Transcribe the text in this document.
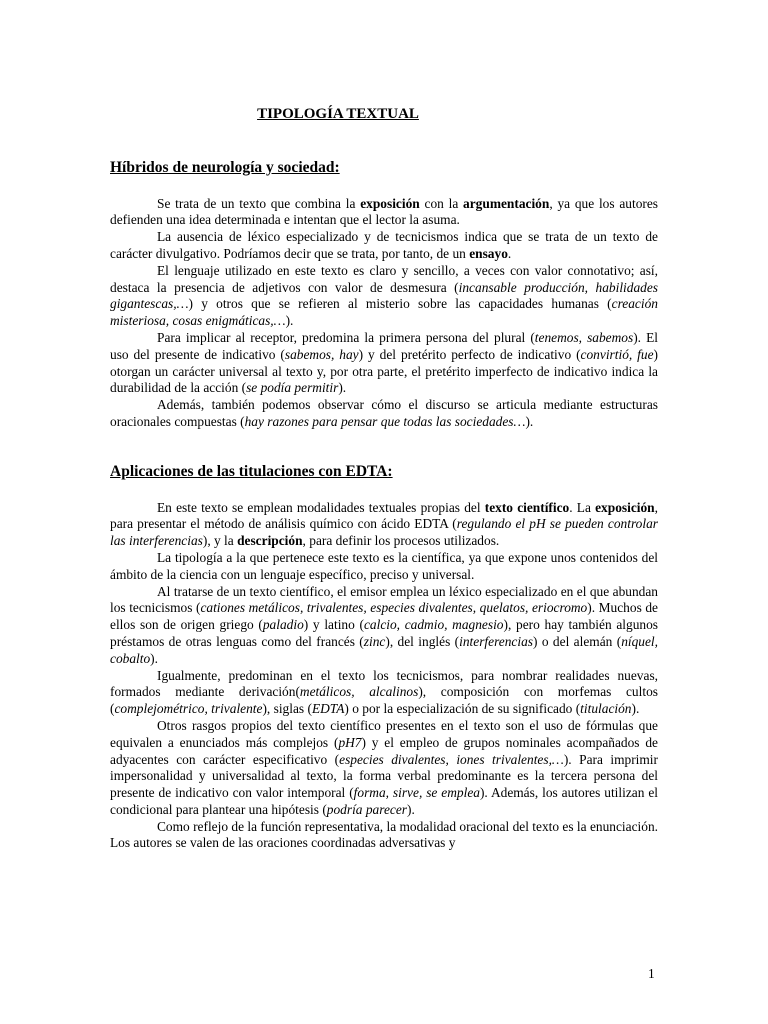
TIPOLOGÍA TEXTUAL
Híbridos de neurología y sociedad:

Se trata de un texto que combina la exposición con la argumentación, ya que los autores defienden una idea determinada e intentan que el lector la asuma.

La ausencia de léxico especializado y de tecnicismos indica que se trata de un texto de carácter divulgativo. Podríamos decir que se trata, por tanto, de un ensayo.

El lenguaje utilizado en este texto es claro y sencillo, a veces con valor connotativo; así, destaca la presencia de adjetivos con valor de desmesura (incansable producción, habilidades gigantescas,…) y otros que se refieren al misterio sobre las capacidades humanas (creación misteriosa, cosas enigmáticas,…).

Para implicar al receptor, predomina la primera persona del plural (tenemos, sabemos). El uso del presente de indicativo (sabemos, hay) y del pretérito perfecto de indicativo (convirtió, fue) otorgan un carácter universal al texto y, por otra parte, el pretérito imperfecto de indicativo indica la durabilidad de la acción (se podía permitir).

Además, también podemos observar cómo el discurso se articula mediante estructuras oracionales compuestas (hay razones para pensar que todas las sociedades…).

Aplicaciones de las titulaciones con EDTA:

En este texto se emplean modalidades textuales propias del texto científico. La exposición, para presentar el método de análisis químico con ácido EDTA (regulando el pH se pueden controlar las interferencias), y la descripción, para definir los procesos utilizados.

La tipología a la que pertenece este texto es la científica, ya que expone unos contenidos del ámbito de la ciencia con un lenguaje específico, preciso y universal.

Al tratarse de un texto científico, el emisor emplea un léxico especializado en el que abundan los tecnicismos (cationes metálicos, trivalentes, especies divalentes, quelatos, eriocromo). Muchos de ellos son de origen griego (paladio) y latino (calcio, cadmio, magnesio), pero hay también algunos préstamos de otras lenguas como del francés (zinc), del inglés (interferencias) o del alemán (níquel, cobalto).

Igualmente, predominan en el texto los tecnicismos, para nombrar realidades nuevas, formados mediante derivación(metálicos, alcalinos), composición con morfemas cultos (complejométrico, trivalente), siglas (EDTA) o por la especialización de su significado (titulación).

Otros rasgos propios del texto científico presentes en el texto son el uso de fórmulas que equivalen a enunciados más complejos (pH7) y el empleo de grupos nominales acompañados de adyacentes con carácter especificativo (especies divalentes, iones trivalentes,…). Para imprimir impersonalidad y universalidad al texto, la forma verbal predominante es la tercera persona del presente de indicativo con valor intemporal (forma, sirve, se emplea). Además, los autores utilizan el condicional para plantear una hipótesis (podría parecer).

Como reflejo de la función representativa, la modalidad oracional del texto es la enunciación. Los autores se valen de las oraciones coordinadas adversativas y

1
